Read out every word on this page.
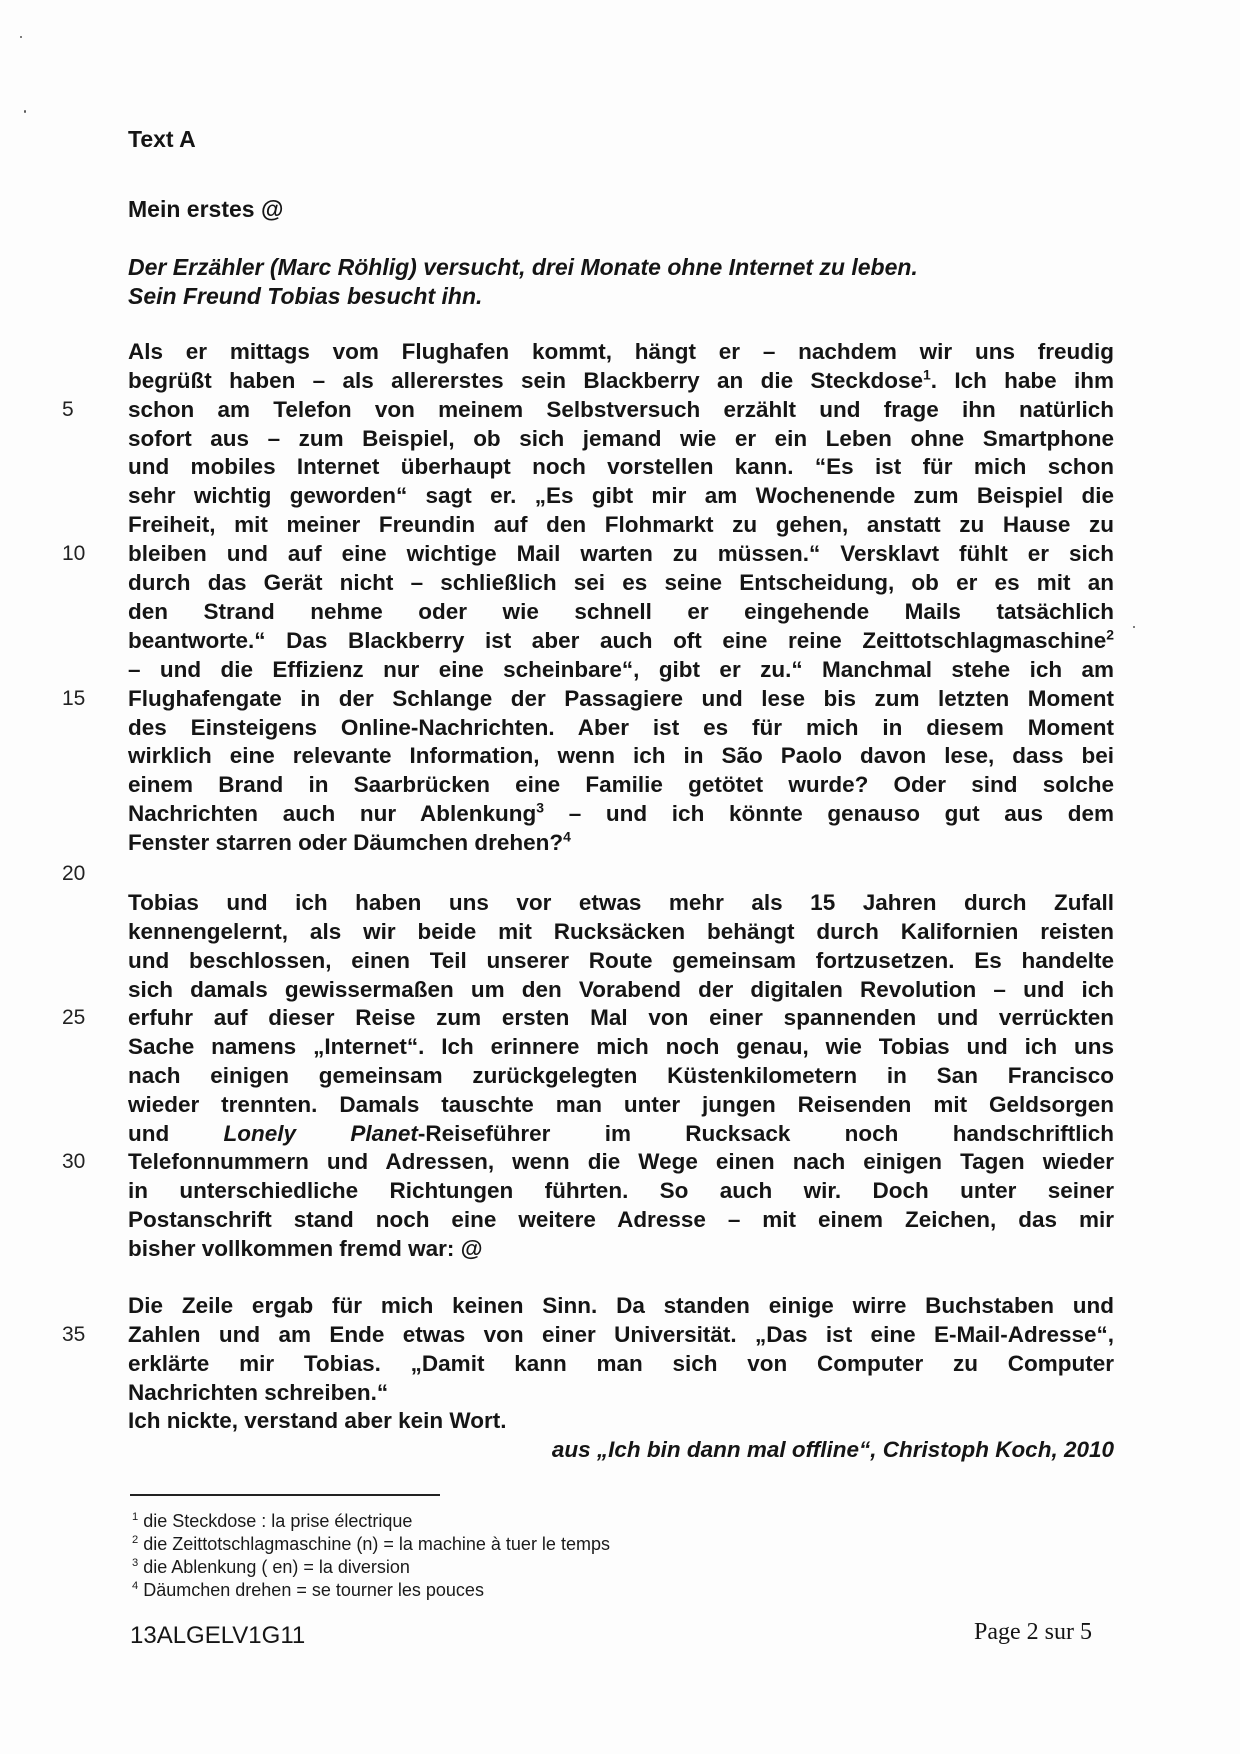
Text A
Mein erstes @
Der Erzähler (Marc Röhlig) versucht, drei Monate ohne Internet zu leben.
Sein Freund Tobias besucht ihn.
5
10
15
20
25
30
35
Als er mittags vom Flughafen kommt, hängt er – nachdem wir uns freudig
begrüßt haben – als allererstes sein Blackberry an die Steckdose$^1$. Ich habe ihm
schon am Telefon von meinem Selbstversuch erzählt und frage ihn natürlich
sofort aus – zum Beispiel, ob sich jemand wie er ein Leben ohne Smartphone
und mobiles Internet überhaupt noch vorstellen kann. “Es ist für mich schon
sehr wichtig geworden“ sagt er. „Es gibt mir am Wochenende zum Beispiel die
Freiheit, mit meiner Freundin auf den Flohmarkt zu gehen, anstatt zu Hause zu
bleiben und auf eine wichtige Mail warten zu müssen.“ Versklavt fühlt er sich
durch das Gerät nicht – schließlich sei es seine Entscheidung, ob er es mit an
den Strand nehme oder wie schnell er eingehende Mails tatsächlich
beantworte.“ Das Blackberry ist aber auch oft eine reine Zeittotschlagmaschine$^2$
– und die Effizienz nur eine scheinbare“, gibt er zu.“ Manchmal stehe ich am
Flughafengate in der Schlange der Passagiere und lese bis zum letzten Moment
des Einsteigens Online-Nachrichten. Aber ist es für mich in diesem Moment
wirklich eine relevante Information, wenn ich in São Paolo davon lese, dass bei
einem Brand in Saarbrücken eine Familie getötet wurde? Oder sind solche
Nachrichten auch nur Ablenkung$^3$ – und ich könnte genauso gut aus dem
Fenster starren oder Däumchen drehen?$^4$
Tobias und ich haben uns vor etwas mehr als 15 Jahren durch Zufall
kennengelernt, als wir beide mit Rucksäcken behängt durch Kalifornien reisten
und beschlossen, einen Teil unserer Route gemeinsam fortzusetzen. Es handelte
sich damals gewissermaßen um den Vorabend der digitalen Revolution – und ich
erfuhr auf dieser Reise zum ersten Mal von einer spannenden und verrückten
Sache namens „Internet“. Ich erinnere mich noch genau, wie Tobias und ich uns
nach einigen gemeinsam zurückgelegten Küstenkilometern in San Francisco
wieder trennten. Damals tauschte man unter jungen Reisenden mit Geldsorgen
und Lonely Planet-Reiseführer im Rucksack noch handschriftlich
Telefonnummern und Adressen, wenn die Wege einen nach einigen Tagen wieder
in unterschiedliche Richtungen führten. So auch wir. Doch unter seiner
Postanschrift stand noch eine weitere Adresse – mit einem Zeichen, das mir
bisher vollkommen fremd war: @
Die Zeile ergab für mich keinen Sinn. Da standen einige wirre Buchstaben und
Zahlen und am Ende etwas von einer Universität. „Das ist eine E-Mail-Adresse“,
erklärte mir Tobias. „Damit kann man sich von Computer zu Computer
Nachrichten schreiben.“
Ich nickte, verstand aber kein Wort.
aus „Ich bin dann mal offline“, Christoph Koch, 2010
$^1$ die Steckdose : la prise électrique
$^2$ die Zeittotschlagmaschine (n) = la machine à tuer le temps
$^3$ die Ablenkung ( en) = la diversion
$^4$ Däumchen drehen = se tourner les pouces
13ALGELV1G11	Page 2 sur 5
